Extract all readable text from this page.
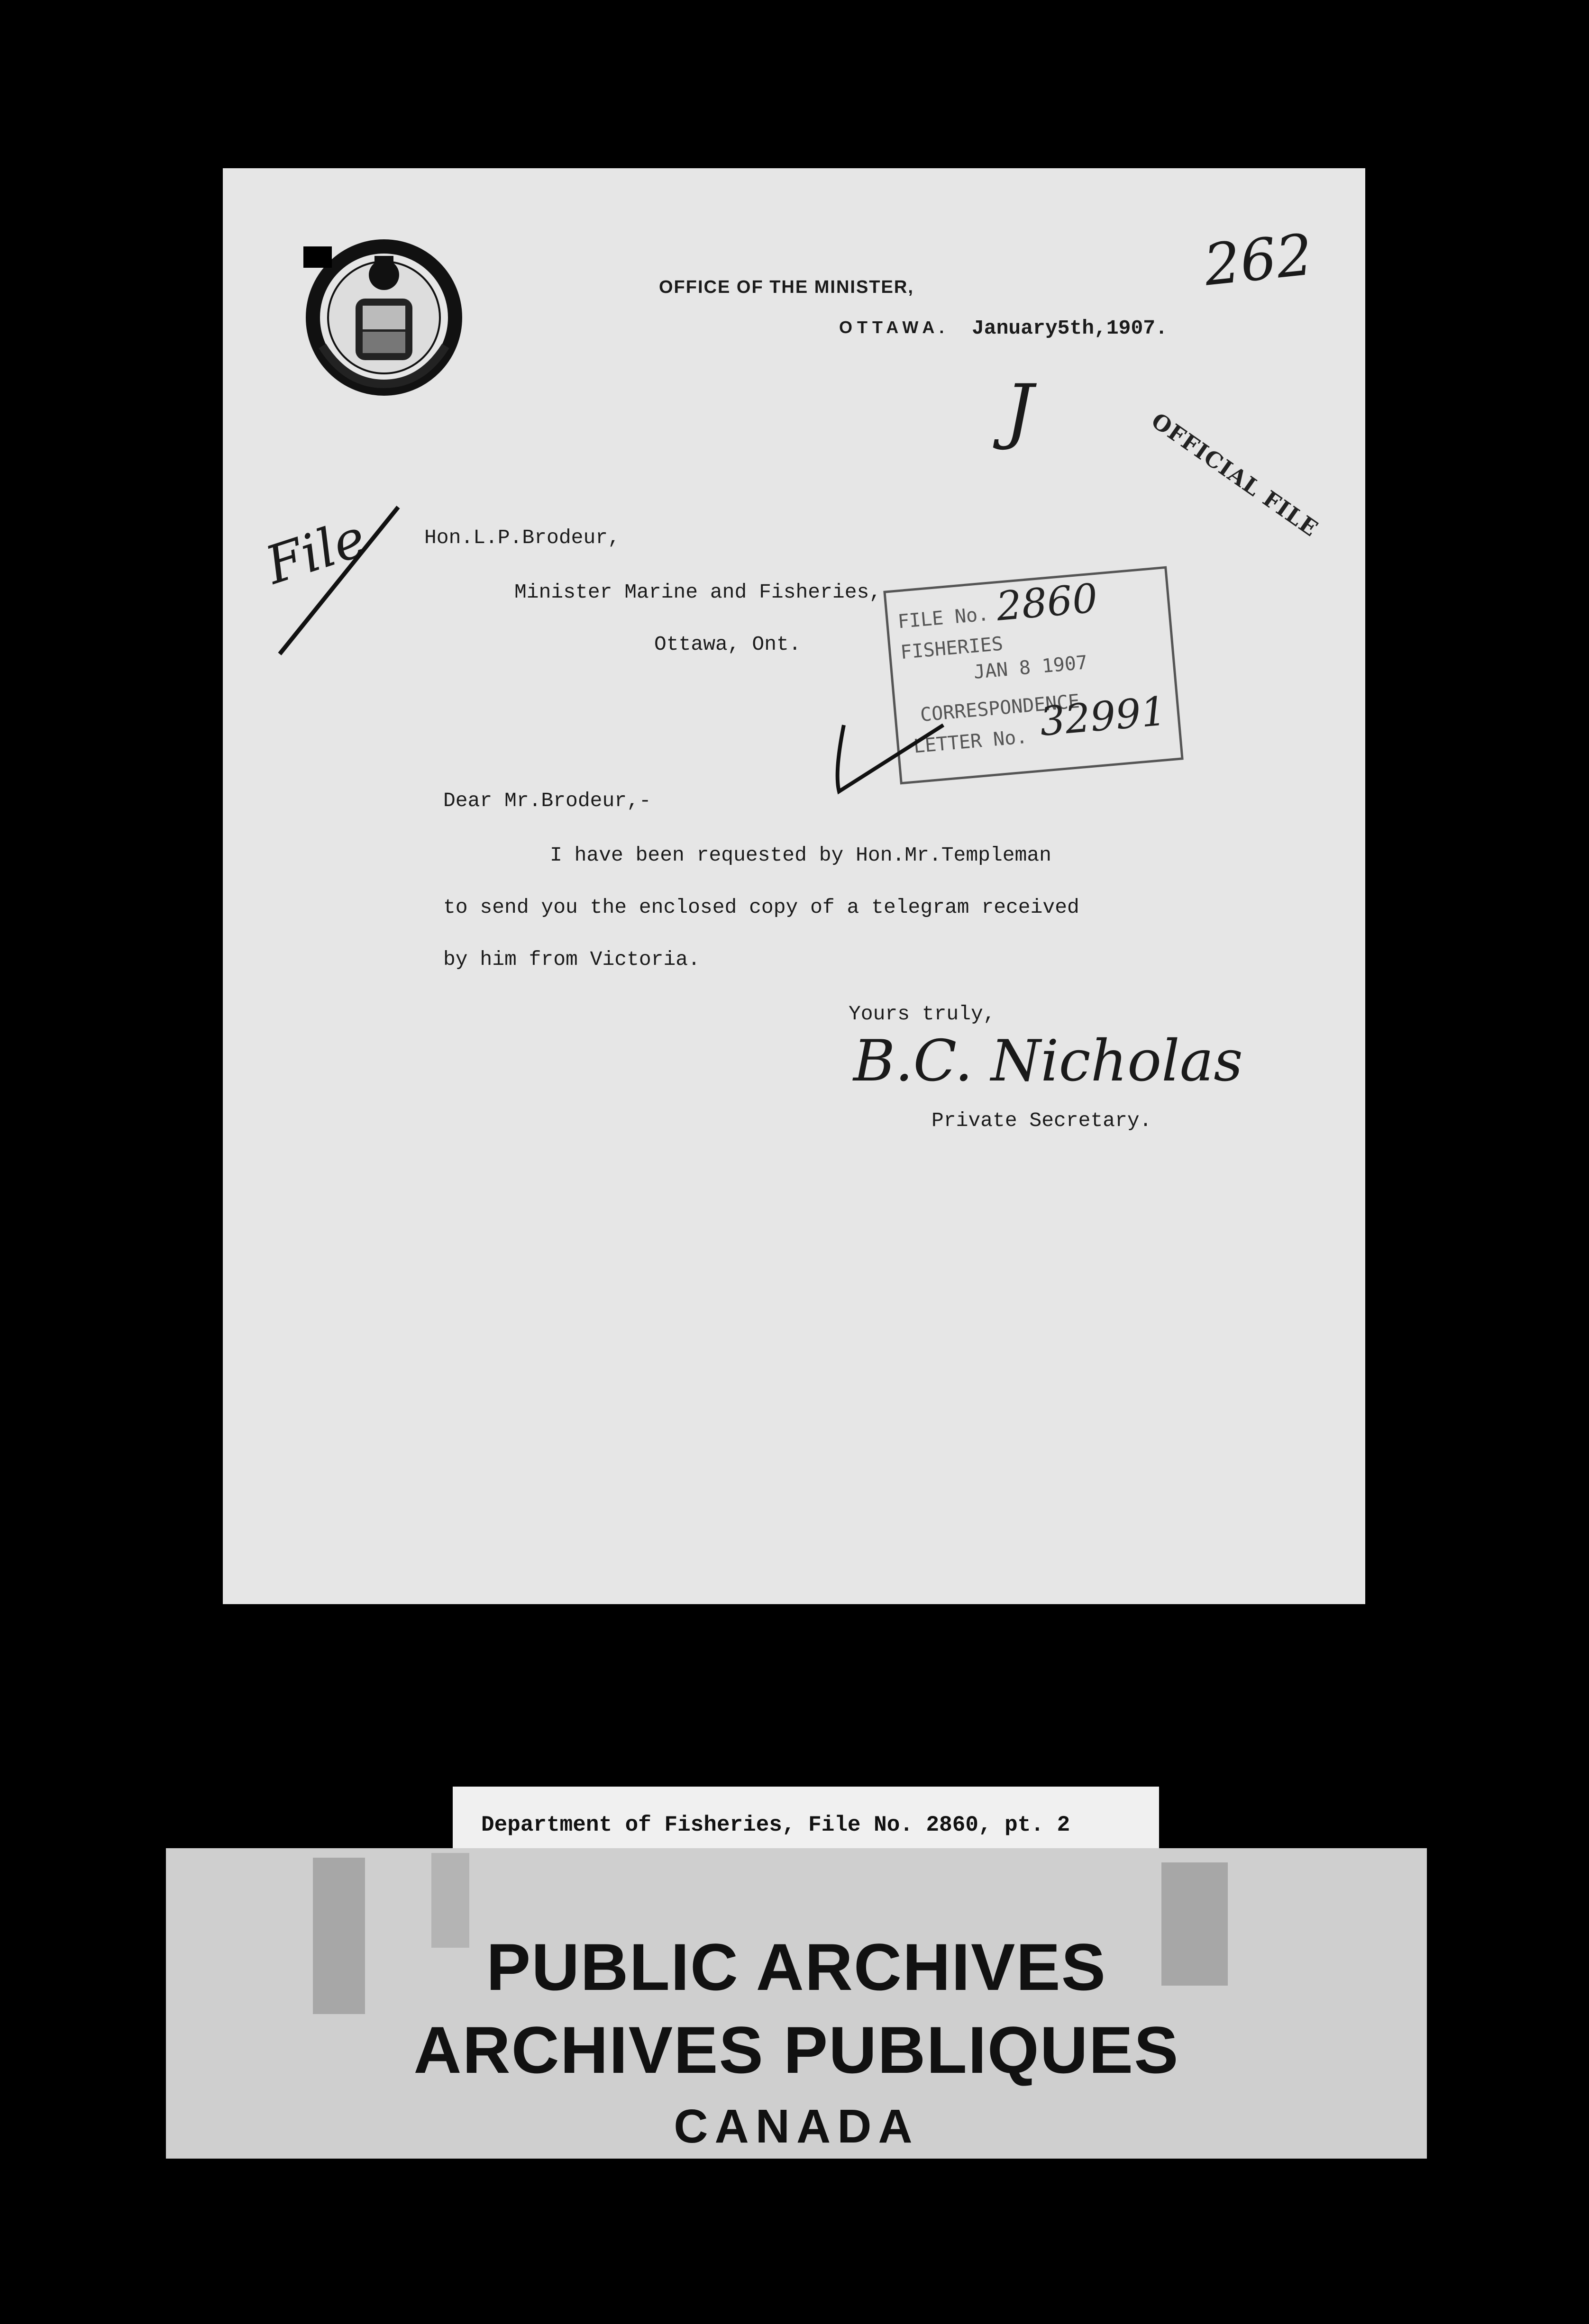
OFFICE OF THE MINISTER,
OTTAWA. January5th,1907.
262
J	OFFICIAL FILE
File	Hon.L.P.Brodeur,
Minister Marine and Fisheries,
Ottawa, Ont.
FILE No. 2860
FISHERIES
JAN 8 1907
CORRESPONDENCE
LETTER No. 32991
Dear Mr.Brodeur,-
I have been requested by Hon.Mr.Templeman
to send you the enclosed copy of a telegram received
by him from Victoria.
Yours truly,
B.C. Nicholas
Private Secretary.
Department of Fisheries, File No. 2860, pt. 2
PUBLIC ARCHIVES
ARCHIVES PUBLIQUES
CANADA
